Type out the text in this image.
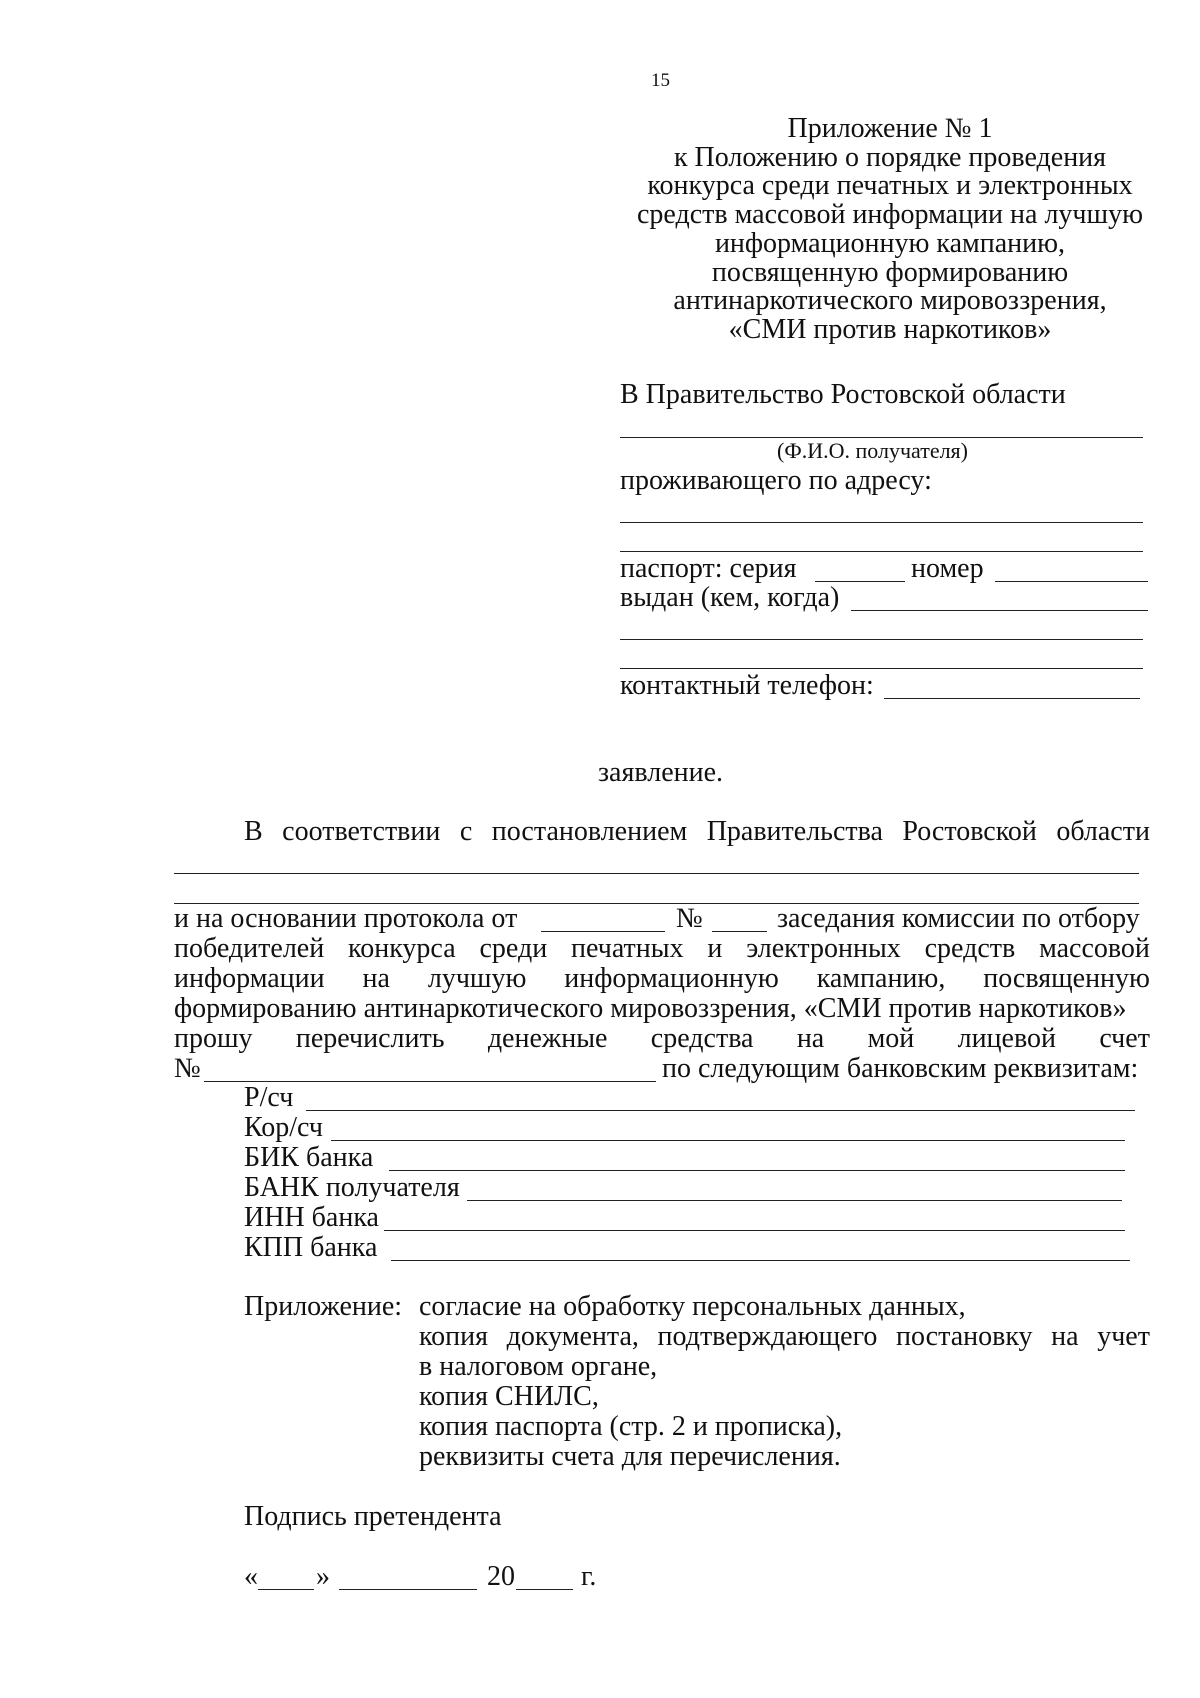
15
Приложение № 1
к Положению о порядке проведения
конкурса среди печатных и электронных
средств массовой информации на лучшую
информационную кампанию,
посвященную формированию
антинаркотического мировоззрения,
«СМИ против наркотиков»
В Правительство Ростовской области
(Ф.И.О. получателя)
проживающего по адресу:
паспорт: серия	номер
выдан (кем, когда)
контактный телефон:
заявление.
В соответствии с постановлением Правительства Ростовской области
и на основании протокола от	№	заседания комиссии по отбору
победителей конкурса среди печатных и электронных средств массовой
информации на лучшую информационную кампанию, посвященную
формированию антинаркотического мировоззрения, «СМИ против наркотиков»
прошу перечислить денежные средства на мой лицевой счет
№	по следующим банковским реквизитам:
Р/сч
Кор/сч
БИК банка
БАНК получателя
ИНН банка
КПП банка
Приложение: согласие на обработку персональных данных,
копия документа, подтверждающего постановку на учет
в налоговом органе,
копия СНИЛС,
копия паспорта (стр. 2 и прописка),
реквизиты счета для перечисления.
Подпись претендента
« »	20 г.
